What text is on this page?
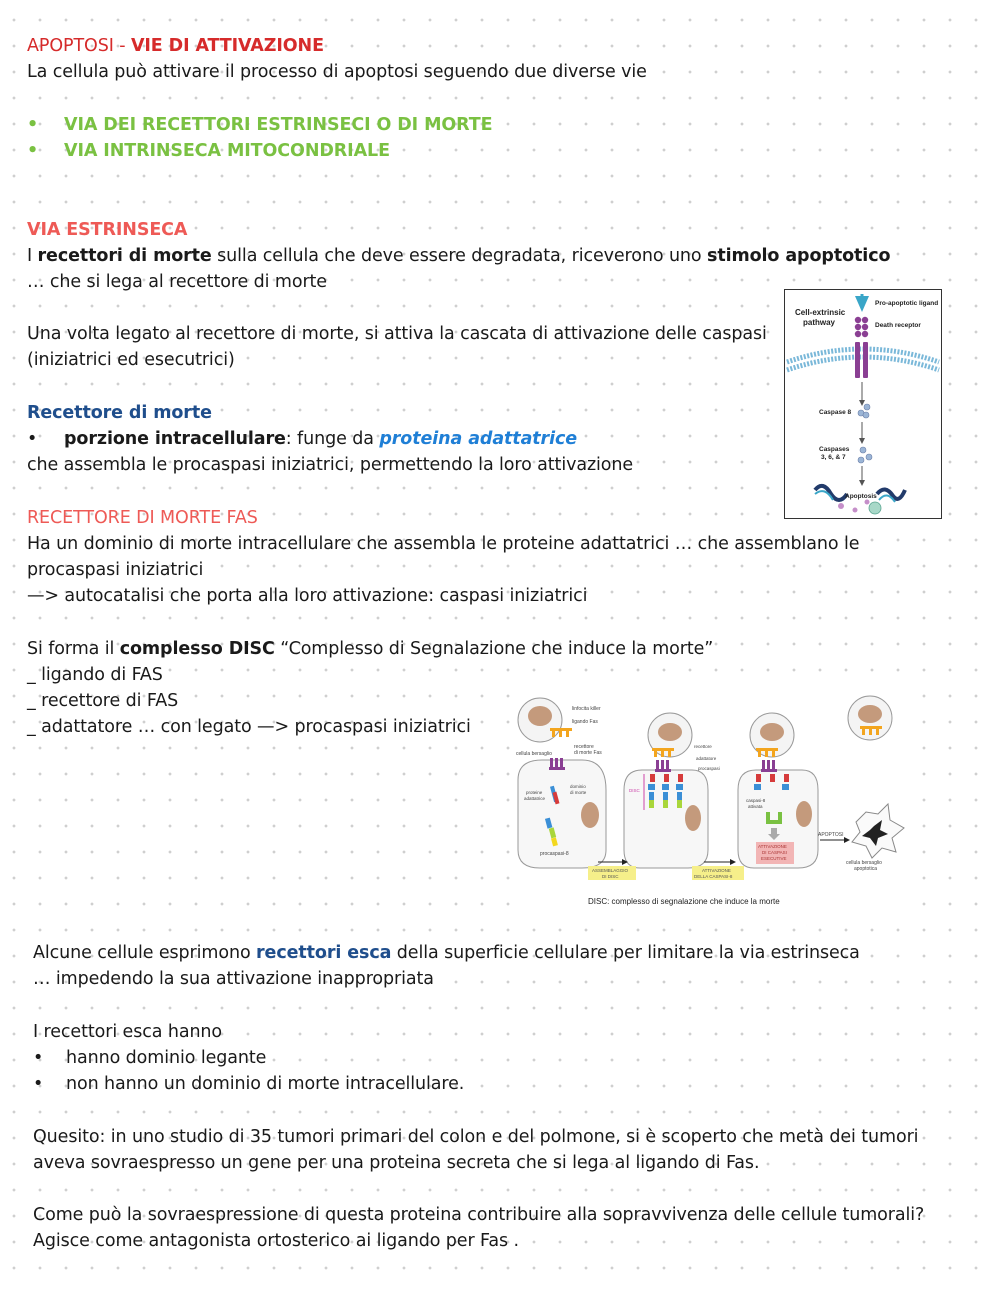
APOPTOSI - VIE DI ATTIVAZIONE
La cellula può attivare il processo di apoptosi seguendo due diverse vie
• VIA DEI RECETTORI ESTRINSECI O DI MORTE
• VIA INTRINSECA MITOCONDRIALE
VIA ESTRINSECA
I recettori di morte sulla cellula che deve essere degradata, riceverono uno stimolo apoptotico
… che si lega al recettore di morte
Una volta legato al recettore di morte, si attiva la cascata di attivazione delle caspasi
(iniziatrici ed esecutrici)
Recettore di morte
• porzione intracellulare: funge da proteina adattatrice
che assembla le procaspasi iniziatrici, permettendo la loro attivazione
Cell-extrinsic
pathway
Pro-apoptotic ligand
Death receptor
Caspase 8
Caspases
3, 6, & 7
Apoptosis
RECETTORE DI MORTE FAS
Ha un dominio di morte intracellulare che assembla le proteine adattatrici … che assemblano le
procaspasi iniziatrici
—> autocatalisi che porta alla loro attivazione: caspasi iniziatrici
Si forma il complesso DISC “Complesso di Segnalazione che induce la morte”
_ ligando di FAS
_ recettore di FAS
_ adattatore … con legato —> procaspasi iniziatrici
linfocita killer
ligando Fas
cellula bersaglio
recettore
di morte Fas
proteine
adattatrice
dominio
di morte
procaspasi-8
DISC
recettore
adattatore
procaspasi
caspasi-8
attivata
ATTIVAZIONE
DI CASPASI
ESECUTIVE
cellula bersaglio
apoptotica
ASSEMBLAGGIO
DI DISC
ATTIVAZIONE
DELLA CASPASI-8
APOPTOSI
DISC: complesso di segnalazione che induce la morte
Alcune cellule esprimono recettori esca della superficie cellulare per limitare la via estrinseca
… impedendo la sua attivazione inappropriata
I recettori esca hanno
• hanno dominio legante
• non hanno un dominio di morte intracellulare.
Quesito: in uno studio di 35 tumori primari del colon e del polmone, si è scoperto che metà dei tumori
aveva sovraespresso un gene per una proteina secreta che si lega al ligando di Fas.
Come può la sovraespressione di questa proteina contribuire alla sopravvivenza delle cellule tumorali?
Agisce come antagonista ortosterico ai ligando per Fas .
